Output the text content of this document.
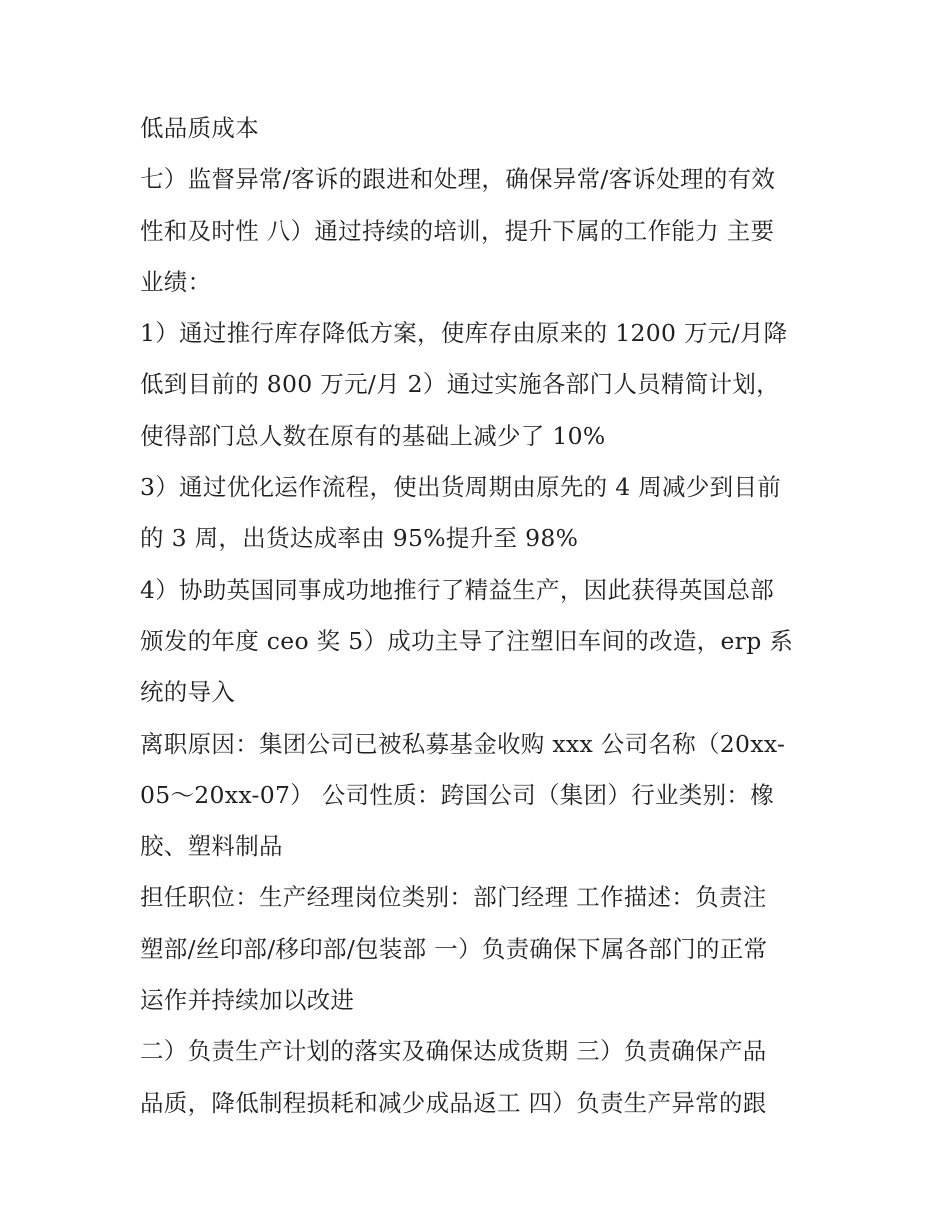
低品质成本
七）监督异常/客诉的跟进和处理，确保异常/客诉处理的有效
性和及时性 八）通过持续的培训，提升下属的工作能力 主要
业绩：
1）通过推行库存降低方案，使库存由原来的 1200 万元/月降
低到目前的 800 万元/月 2）通过实施各部门人员精简计划，
使得部门总人数在原有的基础上减少了 10%
3）通过优化运作流程，使出货周期由原先的 4 周减少到目前
的 3 周，出货达成率由 95%提升至 98%
4）协助英国同事成功地推行了精益生产，因此获得英国总部
颁发的年度 ceo 奖 5）成功主导了注塑旧车间的改造，erp 系
统的导入
离职原因：集团公司已被私募基金收购 xxx 公司名称（20xx-
05～20xx-07） 公司性质：跨国公司（集团）行业类别：橡
胶、塑料制品
担任职位：生产经理岗位类别：部门经理 工作描述：负责注
塑部/丝印部/移印部/包装部 一）负责确保下属各部门的正常
运作并持续加以改进
二）负责生产计划的落实及确保达成货期 三）负责确保产品
品质，降低制程损耗和减少成品返工 四）负责生产异常的跟
